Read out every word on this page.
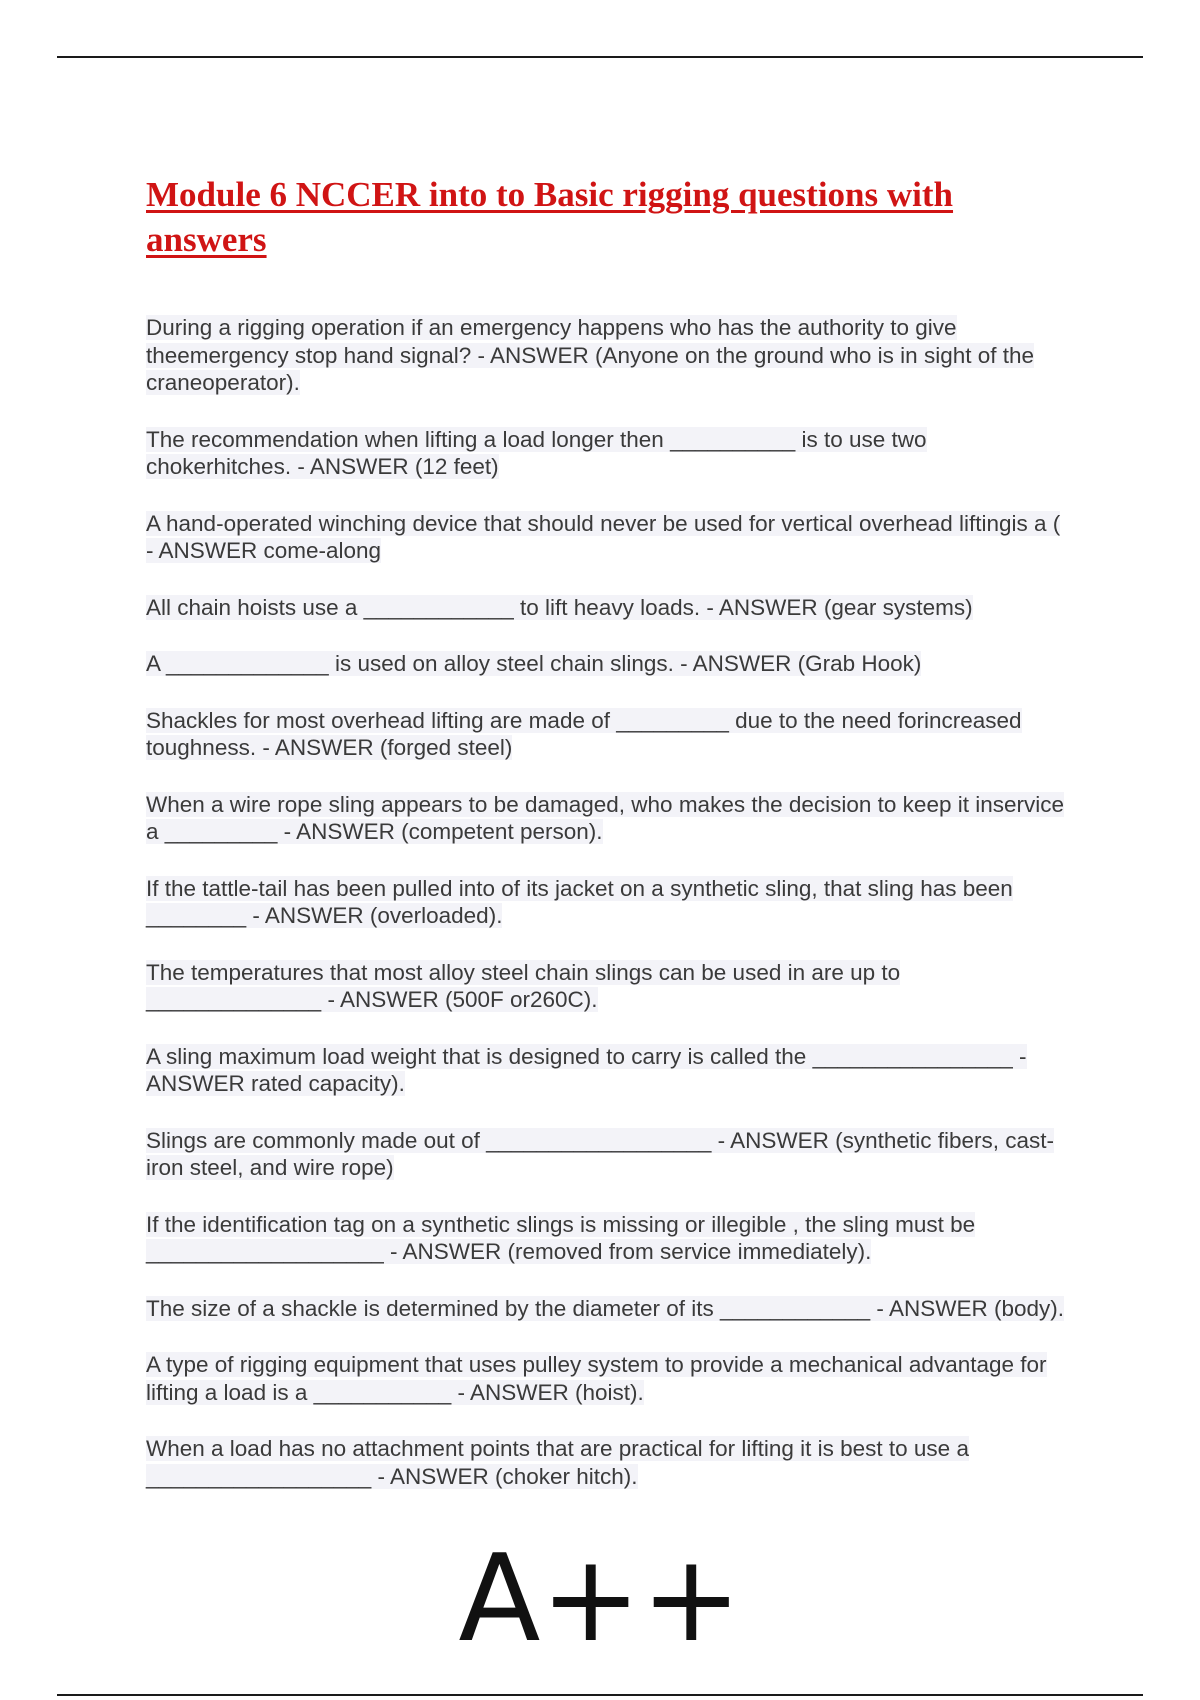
Module 6 NCCER into to Basic rigging questions with answers

During a rigging operation if an emergency happens who has the authority to give theemergency stop hand signal? - ANSWER (Anyone on the ground who is in sight of the craneoperator).

The recommendation when lifting a load longer then __________ is to use two chokerhitches. - ANSWER (12 feet)

A hand-operated winching device that should never be used for vertical overhead liftingis a ( - ANSWER come-along

All chain hoists use a ____________ to lift heavy loads. - ANSWER (gear systems)

A _____________ is used on alloy steel chain slings. - ANSWER (Grab Hook)

Shackles for most overhead lifting are made of _________ due to the need forincreased toughness. - ANSWER (forged steel)

When a wire rope sling appears to be damaged, who makes the decision to keep it inservice a _________ - ANSWER (competent person).

If the tattle-tail has been pulled into of its jacket on a synthetic sling, that sling has been ________ - ANSWER (overloaded).

The temperatures that most alloy steel chain slings can be used in are up to ______________ - ANSWER (500F or260C).

A sling maximum load weight that is designed to carry is called the ________________ - ANSWER rated capacity).

Slings are commonly made out of __________________ - ANSWER (synthetic fibers, cast-iron steel, and wire rope)

If the identification tag on a synthetic slings is missing or illegible , the sling must be ___________________ - ANSWER (removed from service immediately).

The size of a shackle is determined by the diameter of its ____________ - ANSWER (body).

A type of rigging equipment that uses pulley system to provide a mechanical advantage for lifting a load is a ___________ - ANSWER (hoist).

When a load has no attachment points that are practical for lifting it is best to use a __________________ - ANSWER (choker hitch).

A++
